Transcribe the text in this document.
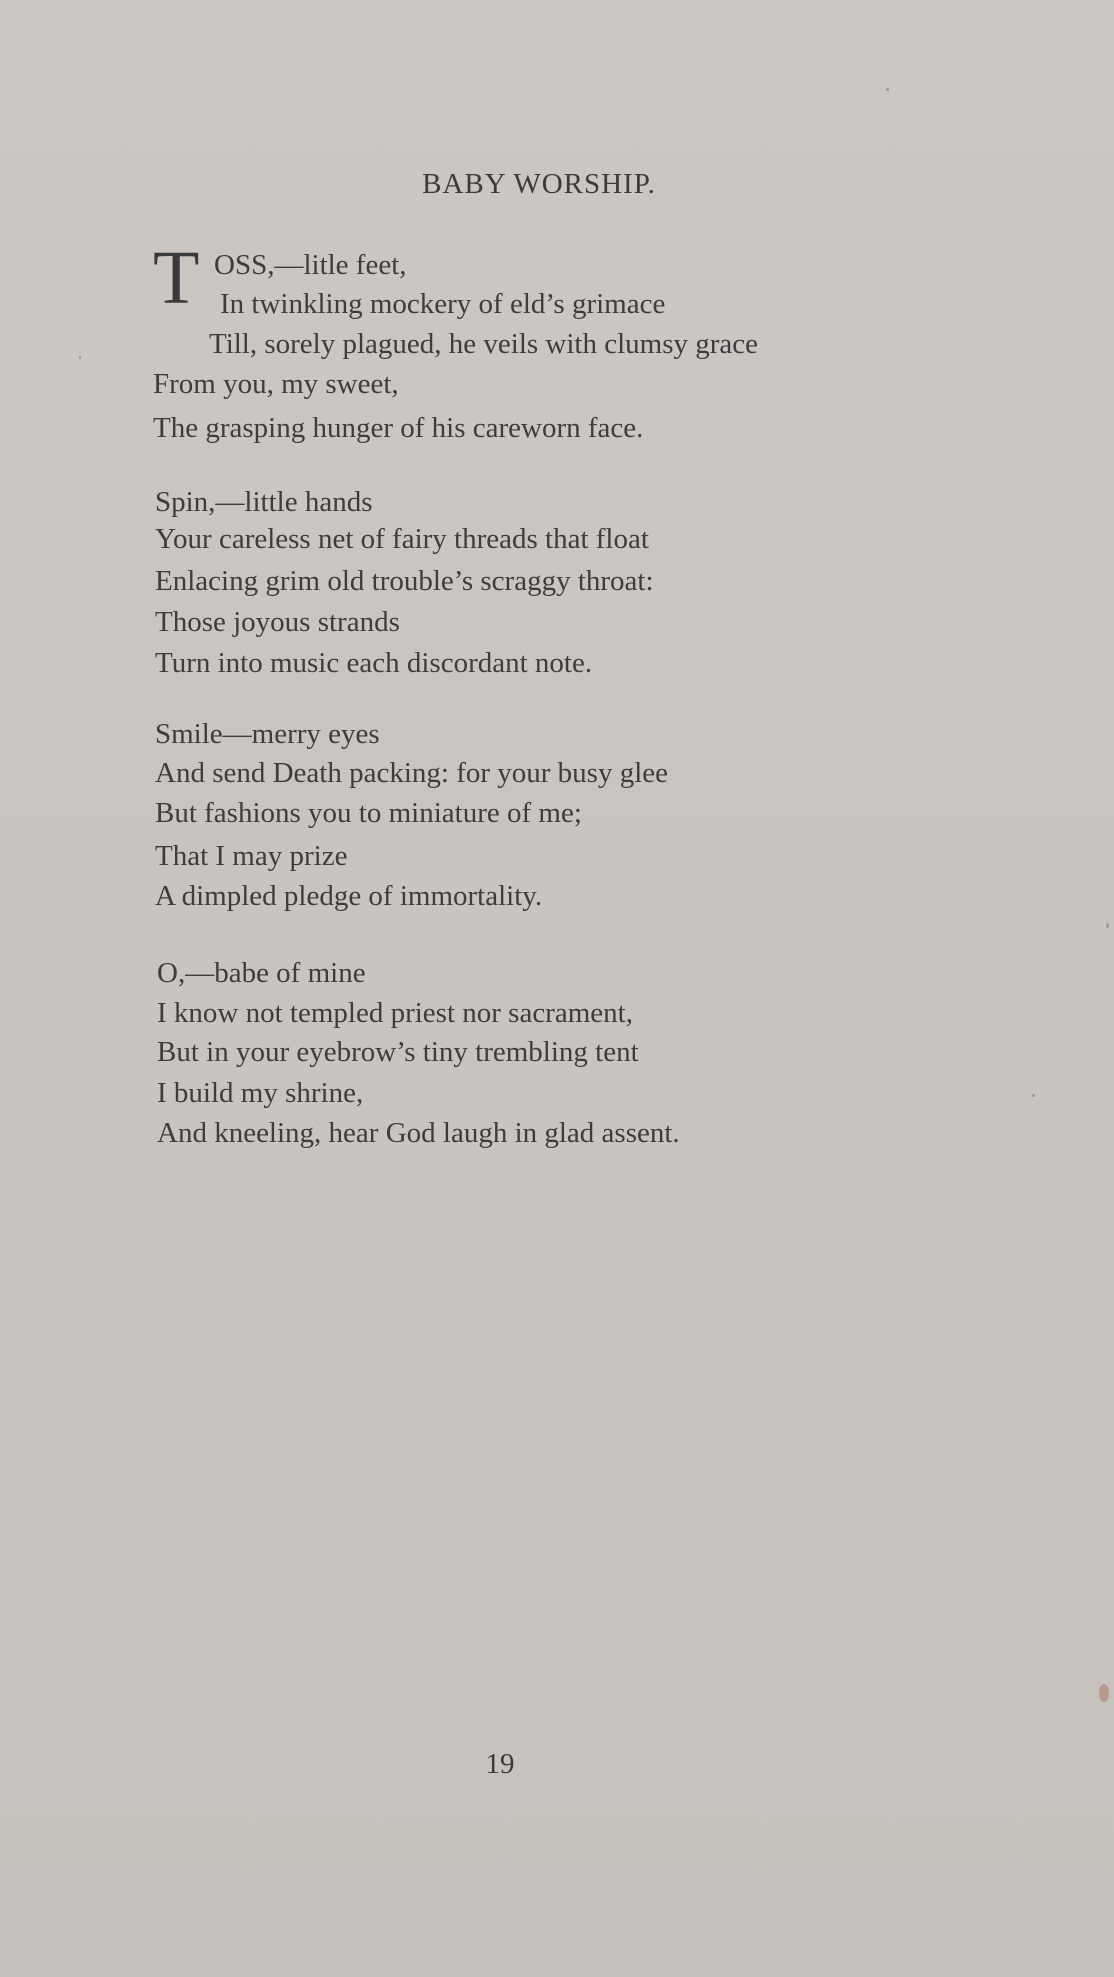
BABY WORSHIP.
T OSS,—litle feet,
In twinkling mockery of eld’s grimace
Till, sorely plagued, he veils with clumsy grace
From you, my sweet,
The grasping hunger of his careworn face.
Spin,—little hands
Your careless net of fairy threads that float
Enlacing grim old trouble’s scraggy throat:
Those joyous strands
Turn into music each discordant note.
Smile—merry eyes
And send Death packing: for your busy glee
But fashions you to miniature of me;
That I may prize
A dimpled pledge of immortality.
O,—babe of mine
I know not templed priest nor sacrament,
But in your eyebrow’s tiny trembling tent
I build my shrine,
And kneeling, hear God laugh in glad assent.
19
